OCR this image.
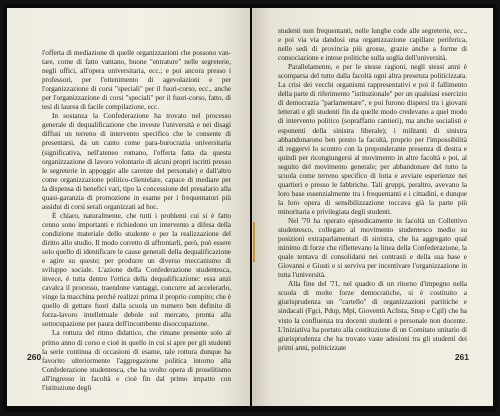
l'offerta di mediazione di quelle organizzazioni che possono van-tare, come di fatto vantano, buone "entrature" nelle segreterie, negli uffici, all'opera universitaria, ecc.; e poi ancora presso i professori, per l'ottenimento di agevolazioni e per l'organizzazione di corsi "speciali" per il fuori-corso, ecc., anche per l'organizzazione di corsi "speciali" per il fuori-corso, fatto, di tesi di laurea di facile compilazione, ecc.

In sostanza la Confederazione ha trovato nel processo generale di dequalificazione che investe l'università e nei disagi diffusi un terreno di intervento specifico che le consente di presentarsi, da un canto come para-burocrazia universitaria (significativa, nell'ateneo romano, l'offerta fatta da questa organizzazione di lavoro volontario di alcuni propri iscritti presso le segreterie in appoggio alle carenze del personale) e dall'altro come organizzazione politico-clientelare, capace di mediare per la dispensa di benefici vari, tipo la concessione del presalario alla quasi-garanzia di promozione in esame per i frequentatori più assidui di corsi serali organizzati ad hoc.

È chiaro, naturalmente, che tutti i problemi cui si è fatto cenno sono importanti e richiedono un intervento a difesa della condizione materiale dello studente e per la realizzazione del diritto allo studio. Il modo corretto di affrontarli, però, può essere solo quello di identificare le cause generali della dequalificazione e agire su queste; per produrre un diverso meccanismo di sviluppo sociale. L'azione della Confederazione studentesca, invece, è tutta dentro l'ottica della dequalificazione: essa anzi cavalca il processo, traendone vantaggi, concorre ad accelerarlo, vinge la macchina perché realizzi prima il proprio compito; che è quello di gettare fuori dalla scuola un numero ben definito di forza-lavoro intellettuale debole sul mercato, pronta alla sottocupazione per paura dell'incombente disoccupazione.

La rottura del ritmo didattico, che rimane presente solo al primo anno di corso e cioè in quello in cui si apre per gli studenti la serie continua di occasioni di esame, tale rottura dunque ha favorito ulteriormente l'aggregazione politica intorno alla Confederazione studentesca, che ha svolto opera di proselitismo all'ingresso in facoltà e cioè fin dal primo impatto con l'istituzione degli

260

studenti non frequentanti, nelle lunghe code alle segreterie, ecc., e poi via via dandosi una organizzazione capillare periferica, nelle sedi di provincia più grosse, grazie anche a forme di consociazione e intese politiche sulla soglia dell'università.

Parallelamente, e per le stesse ragioni, negli stessi anni è scomparsa del tutto dalla facoltà ogni altra presenza politicizzata. La crisi dei vecchi organismi rappresentativi e poi il fallimento della parte di riferimento "istituzionale" per un qualsiasi esercizio di democrazia "parlamentare", e poi furono dispersi tra i giovani letterati e gli studenti fin da quelle modo credevano a quel modo di intervento politico (sopraffatto cantieri), ma anche socialisti e esponenti della sinistra liberale); i militanti di sinistra abbandonarono ben presto la facoltà, proprio per l'impossibilità di reggervi lo scontro con la preponderante presenza di destra e quindi per ricongiungersi al movimento in altre facoltà e poi, al seguito del movimento generale; per abbandonare del tutto la scuola come terreno specifico di lotta e avviare esperienze nei quartieri e presso le fabbriche. Tali gruppi, peraltro, avevano la loro base essenzialmente tra i frequentanti e i cittadini, e dunque la loro opera di sensibilizzazione toccava già la parte più minoritaria e privilegiata degli studenti.

Nel '70 ha operato episodicamente in facoltà un Collettivo studentesco, collegato al movimento studentesco medio su posizioni extraparlamentari di sinistra, che ha aggregato qual minimo di forze che riflettevano la linea della Confederazione, la quale tentava di consolidarsi nei contrasti e della sua base e Giovanni e Giusti e si serviva per incentivare l'organizzazione in tutta l'università.

Alla fine del '71, nel quadro di un ritorno d'impegno nella scuola di molte forze democratiche, si è costituito a giurisprudenza un "cartello" di organizzazioni partitiche e sindacali (Fgci, Pdup, Mpl, Gioventù Aclista, Snsp e Cgil) che ha visto la confluenza tra docenti studenti e personale non docente. L'iniziativa ha portato alla costituzione di un Comitato unitario di giurisprudenza che ha trovato vaste adesioni tra gli studenti dei primi anni, politicizzate

261
